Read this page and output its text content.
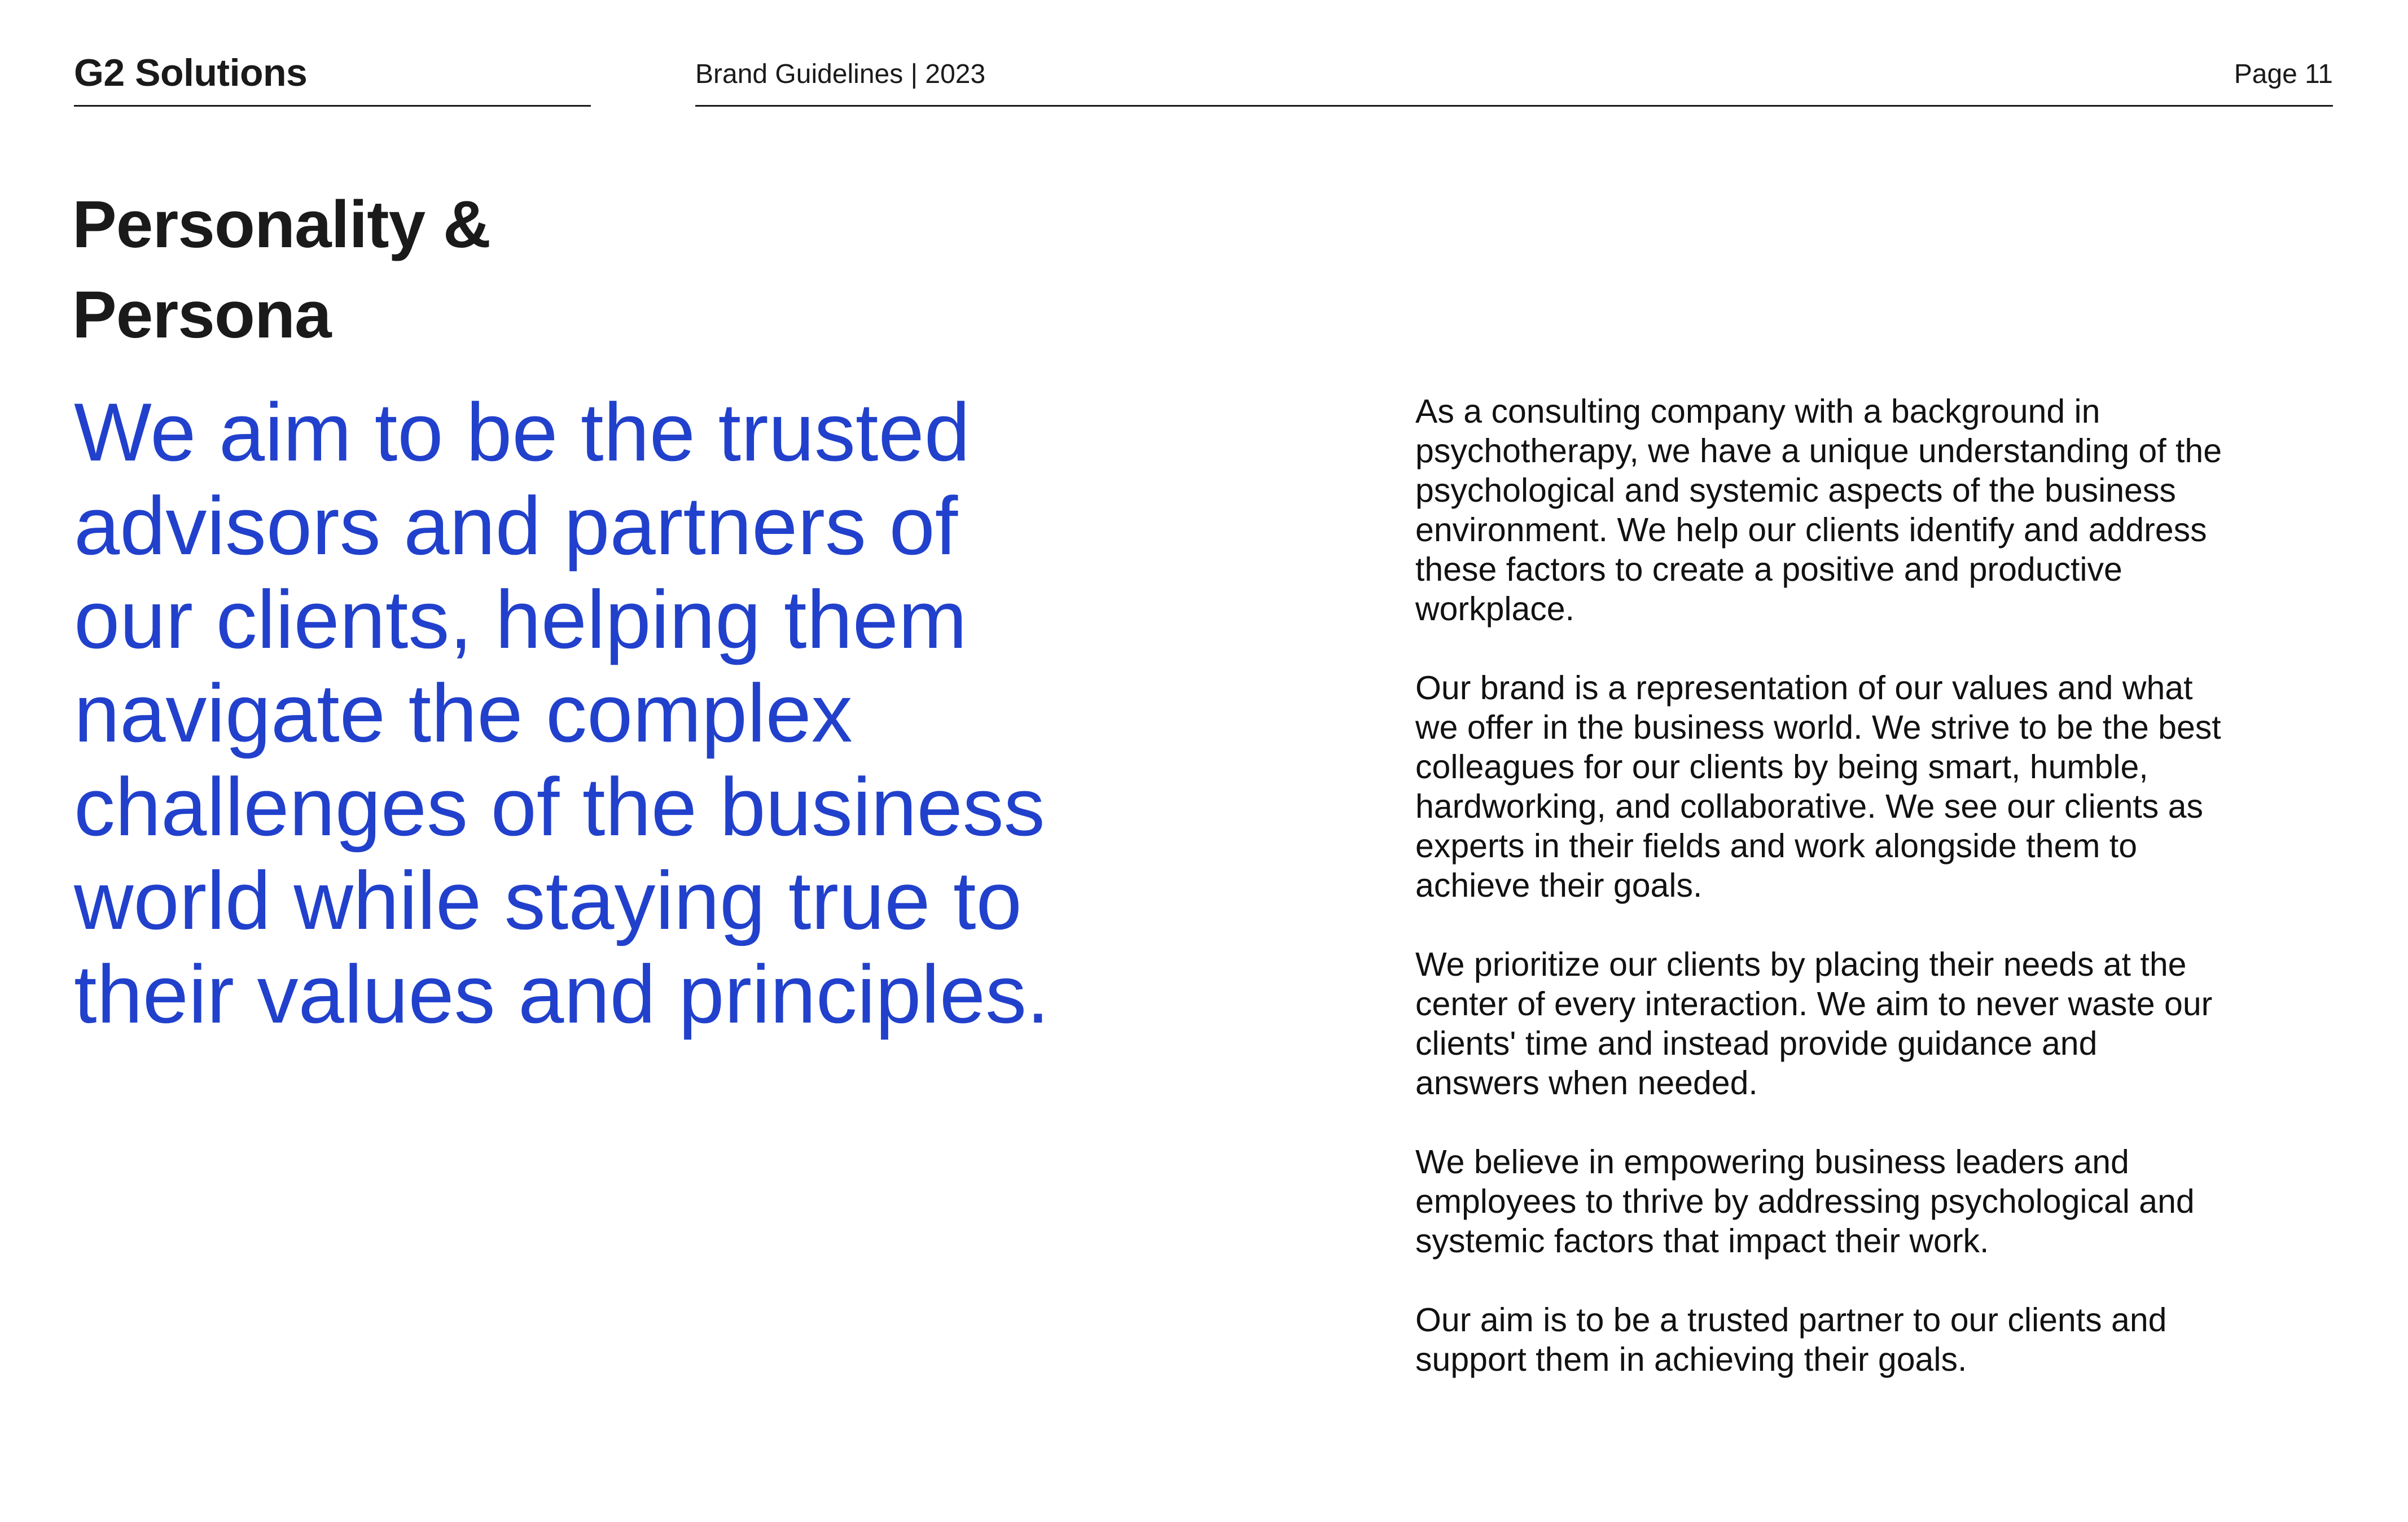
G2 Solutions	Brand Guidelines | 2023	Page 11
Personality &
Persona
We aim to be the trusted
advisors and partners of
our clients, helping them
navigate the complex
challenges of the business
world while staying true to
their values and principles.

As a consulting company with a background in
psychotherapy, we have a unique understanding of the
psychological and systemic aspects of the business
environment. We help our clients identify and address
these factors to create a positive and productive
workplace.

Our brand is a representation of our values and what
we offer in the business world. We strive to be the best
colleagues for our clients by being smart, humble,
hardworking, and collaborative. We see our clients as
experts in their fields and work alongside them to
achieve their goals.

We prioritize our clients by placing their needs at the
center of every interaction. We aim to never waste our
clients' time and instead provide guidance and
answers when needed.

We believe in empowering business leaders and
employees to thrive by addressing psychological and
systemic factors that impact their work.

Our aim is to be a trusted partner to our clients and
support them in achieving their goals.
